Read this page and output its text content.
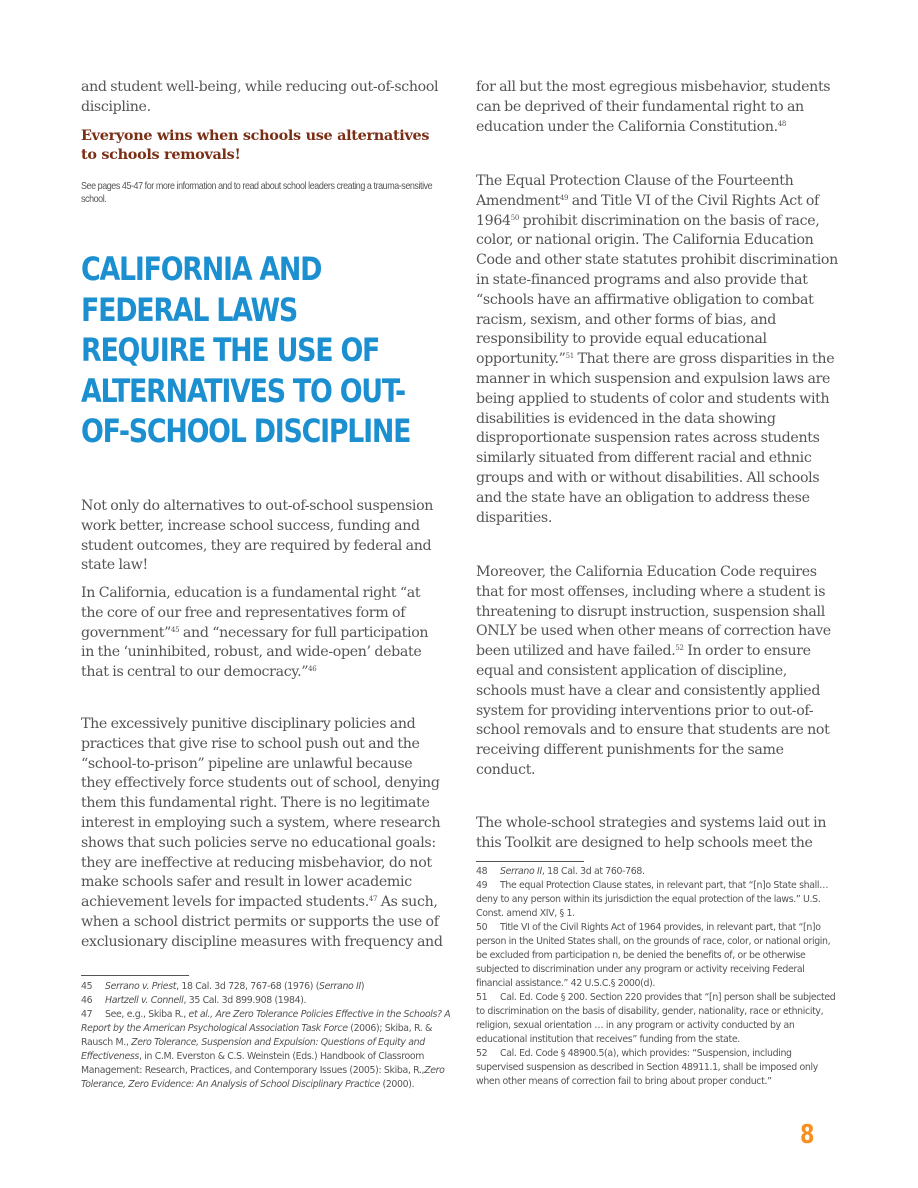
and student well-being, while reducing out-of-school discipline.

Everyone wins when schools use alternatives to schools removals!

See pages 45-47 for more information and to read about school leaders creating a trauma-sensitive school.

CALIFORNIA AND
FEDERAL LAWS
REQUIRE THE USE OF
ALTERNATIVES TO OUT-
OF-SCHOOL DISCIPLINE

Not only do alternatives to out-of-school suspension work better, increase school success, funding and student outcomes, they are required by federal and state law!

In California, education is a fundamental right “at the core of our free and representatives form of government”$^{45}$ and “necessary for full participation in the ‘uninhibited, robust, and wide-open’ debate that is central to our democracy.”$^{46}$

The excessively punitive disciplinary policies and practices that give rise to school push out and the “school-to-prison” pipeline are unlawful because they effectively force students out of school, denying them this fundamental right. There is no legitimate interest in employing such a system, where research shows that such policies serve no educational goals: they are ineffective at reducing misbehavior, do not make schools safer and result in lower academic achievement levels for impacted students.$^{47}$ As such, when a school district permits or supports the use of exclusionary discipline measures with frequency and

45 Serrano v. Priest, 18 Cal. 3d 728, 767-68 (1976) (Serrano II)

46 Hartzell v. Connell, 35 Cal. 3d 899.908 (1984).

47 See, e.g., Skiba R., et al., Are Zero Tolerance Policies Effective in the Schools? A Report by the American Psychological Association Task Force (2006); Skiba, R. & Rausch M., Zero Tolerance, Suspension and Expulsion: Questions of Equity and Effectiveness, in C.M. Everston & C.S. Weinstein (Eds.) Handbook of Classroom Management: Research, Practices, and Contemporary Issues (2005): Skiba, R.,Zero Tolerance, Zero Evidence: An Analysis of School Disciplinary Practice (2000).

for all but the most egregious misbehavior, students can be deprived of their fundamental right to an education under the California Constitution.$^{48}$

The Equal Protection Clause of the Fourteenth Amendment$^{49}$ and Title VI of the Civil Rights Act of 1964$^{50}$ prohibit discrimination on the basis of race, color, or national origin. The California Education Code and other state statutes prohibit discrimination in state-financed programs and also provide that “schools have an affirmative obligation to combat racism, sexism, and other forms of bias, and responsibility to provide equal educational opportunity.”$^{51}$ That there are gross disparities in the manner in which suspension and expulsion laws are being applied to students of color and students with disabilities is evidenced in the data showing disproportionate suspension rates across students similarly situated from different racial and ethnic groups and with or without disabilities. All schools and the state have an obligation to address these disparities.

Moreover, the California Education Code requires that for most offenses, including where a student is threatening to disrupt instruction, suspension shall ONLY be used when other means of correction have been utilized and have failed.$^{52}$ In order to ensure equal and consistent application of discipline, schools must have a clear and consistently applied system for providing interventions prior to out-of-school removals and to ensure that students are not receiving different punishments for the same conduct.

The whole-school strategies and systems laid out in this Toolkit are designed to help schools meet the

48 Serrano II, 18 Cal. 3d at 760-768.

49 The equal Protection Clause states, in relevant part, that “[n]o State shall…deny to any person within its jurisdiction the equal protection of the laws.” U.S. Const. amend XIV, § 1.

50 Title VI of the Civil Rights Act of 1964 provides, in relevant part, that “[n]o person in the United States shall, on the grounds of race, color, or national origin, be excluded from participation n, be denied the benefits of, or be otherwise subjected to discrimination under any program or activity receiving Federal financial assistance.” 42 U.S.C.§ 2000(d).

51 Cal. Ed. Code § 200. Section 220 provides that “[n] person shall be subjected to discrimination on the basis of disability, gender, nationality, race or ethnicity, religion, sexual orientation … in any program or activity conducted by an educational institution that receives” funding from the state.

52 Cal. Ed. Code § 48900.5(a), which provides: “Suspension, including supervised suspension as described in Section 48911.1, shall be imposed only when other means of correction fail to bring about proper conduct.”

8
